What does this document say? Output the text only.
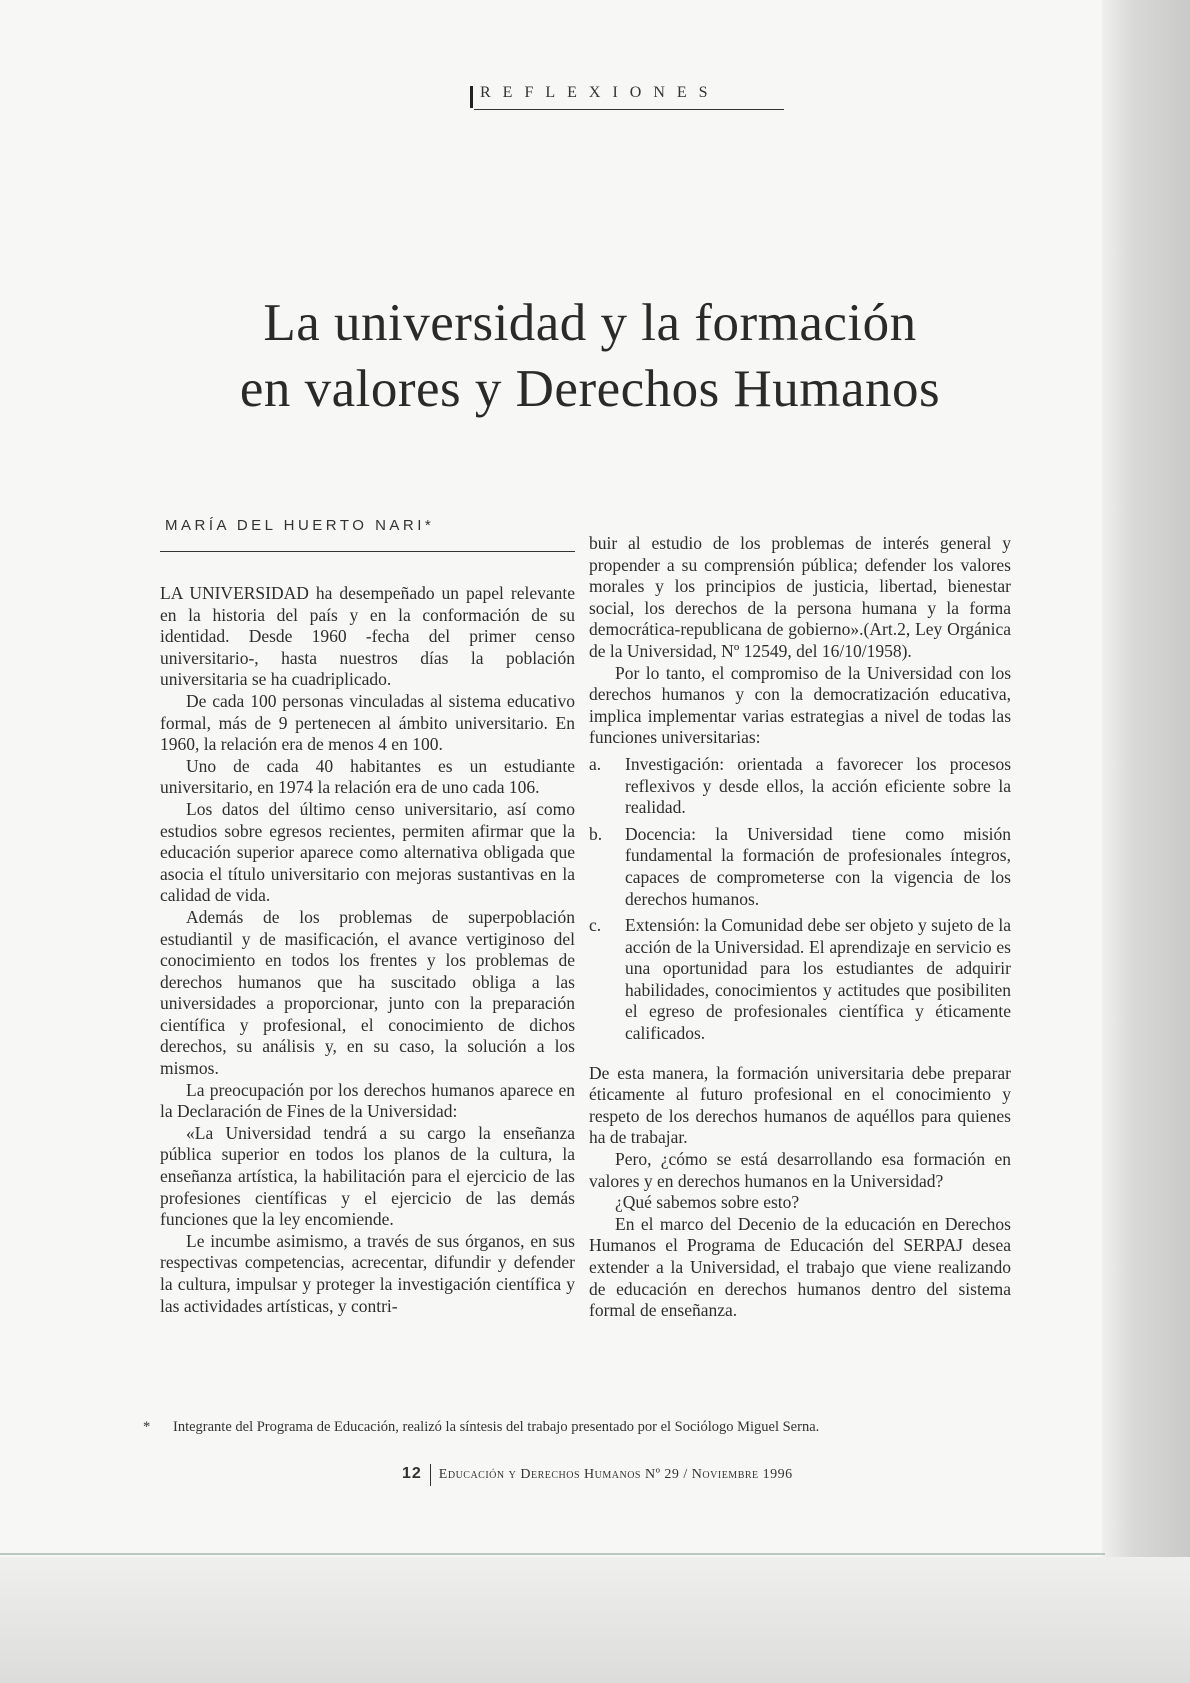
REFLEXIONES
La universidad y la formación
en valores y Derechos Humanos
MARÍA DEL HUERTO NARI*

LA UNIVERSIDAD ha desempeñado un papel relevante en la historia del país y en la conformación de su identidad. Desde 1960 -fecha del primer censo universitario-, hasta nuestros días la población universitaria se ha cuadriplicado.

De cada 100 personas vinculadas al sistema educativo formal, más de 9 pertenecen al ámbito universitario. En 1960, la relación era de menos 4 en 100.

Uno de cada 40 habitantes es un estudiante universitario, en 1974 la relación era de uno cada 106.

Los datos del último censo universitario, así como estudios sobre egresos recientes, permiten afirmar que la educación superior aparece como alternativa obligada que asocia el título universitario con mejoras sustantivas en la calidad de vida.

Además de los problemas de superpoblación estudiantil y de masificación, el avance vertiginoso del conocimiento en todos los frentes y los problemas de derechos humanos que ha suscitado obliga a las universidades a proporcionar, junto con la preparación científica y profesional, el conocimiento de dichos derechos, su análisis y, en su caso, la solución a los mismos.

La preocupación por los derechos humanos aparece en la Declaración de Fines de la Universidad:

«La Universidad tendrá a su cargo la enseñanza pública superior en todos los planos de la cultura, la enseñanza artística, la habilitación para el ejercicio de las profesiones científicas y el ejercicio de las demás funciones que la ley encomiende.

Le incumbe asimismo, a través de sus órganos, en sus respectivas competencias, acrecentar, difundir y defender la cultura, impulsar y proteger la investigación científica y las actividades artísticas, y contri-

buir al estudio de los problemas de interés general y propender a su comprensión pública; defender los valores morales y los principios de justicia, libertad, bienestar social, los derechos de la persona humana y la forma democrática-republicana de gobierno».(Art.2, Ley Orgánica de la Universidad, Nº 12549, del 16/10/1958).

Por lo tanto, el compromiso de la Universidad con los derechos humanos y con la democratización educativa, implica implementar varias estrategias a nivel de todas las funciones universitarias:

a. Investigación: orientada a favorecer los procesos reflexivos y desde ellos, la acción eficiente sobre la realidad.
b. Docencia: la Universidad tiene como misión fundamental la formación de profesionales íntegros, capaces de comprometerse con la vigencia de los derechos humanos.
c. Extensión: la Comunidad debe ser objeto y sujeto de la acción de la Universidad. El aprendizaje en servicio es una oportunidad para los estudiantes de adquirir habilidades, conocimientos y actitudes que posibiliten el egreso de profesionales científica y éticamente calificados.

De esta manera, la formación universitaria debe preparar éticamente al futuro profesional en el conocimiento y respeto de los derechos humanos de aquéllos para quienes ha de trabajar.

Pero, ¿cómo se está desarrollando esa formación en valores y en derechos humanos en la Universidad?

¿Qué sabemos sobre esto?

En el marco del Decenio de la educación en Derechos Humanos el Programa de Educación del SERPAJ desea extender a la Universidad, el trabajo que viene realizando de educación en derechos humanos dentro del sistema formal de enseñanza.

* Integrante del Programa de Educación, realizó la síntesis del trabajo presentado por el Sociólogo Miguel Serna.
12 Educación y Derechos Humanos Nº 29 / Noviembre 1996
